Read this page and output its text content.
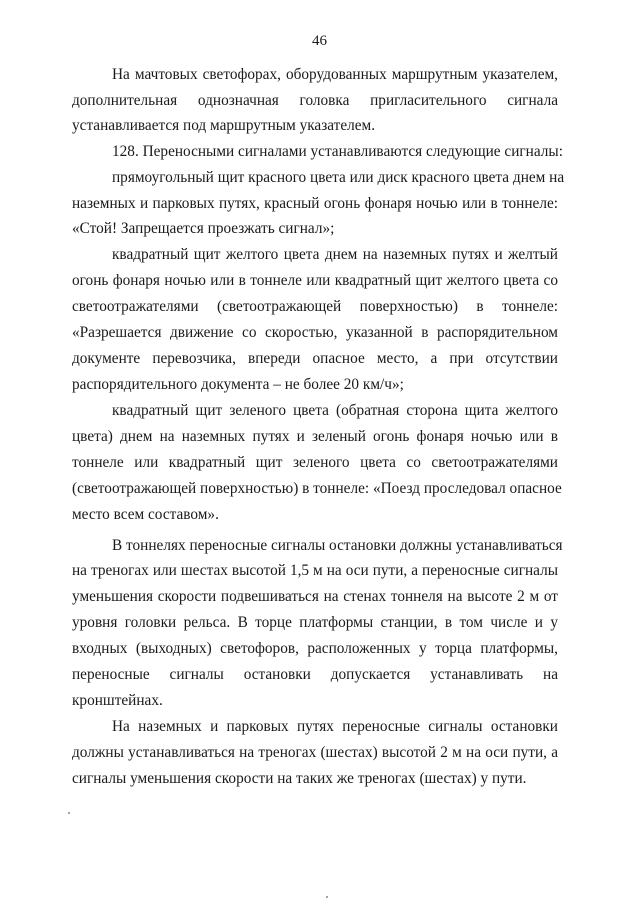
46
На мачтовых светофорах, оборудованных маршрутным указателем,
дополнительная однозначная головка пригласительного сигнала
устанавливается под маршрутным указателем.
128. Переносными сигналами устанавливаются следующие сигналы:
прямоугольный щит красного цвета или диск красного цвета днем на
наземных и парковых путях, красный огонь фонаря ночью или в тоннеле:
«Стой! Запрещается проезжать сигнал»;
квадратный щит желтого цвета днем на наземных путях и желтый
огонь фонаря ночью или в тоннеле или квадратный щит желтого цвета со
светоотражателями (светоотражающей поверхностью) в тоннеле:
«Разрешается движение со скоростью, указанной в распорядительном
документе перевозчика, впереди опасное место, а при отсутствии
распорядительного документа – не более 20 км/ч»;
квадратный щит зеленого цвета (обратная сторона щита желтого
цвета) днем на наземных путях и зеленый огонь фонаря ночью или в
тоннеле или квадратный щит зеленого цвета со светоотражателями
(светоотражающей поверхностью) в тоннеле: «Поезд проследовал опасное
место всем составом».
В тоннелях переносные сигналы остановки должны устанавливаться
на треногах или шестах высотой 1,5 м на оси пути, а переносные сигналы
уменьшения скорости подвешиваться на стенах тоннеля на высоте 2 м от
уровня головки рельса. В торце платформы станции, в том числе и у
входных (выходных) светофоров, расположенных у торца платформы,
переносные сигналы остановки допускается устанавливать на
кронштейнах.
На наземных и парковых путях переносные сигналы остановки
должны устанавливаться на треногах (шестах) высотой 2 м на оси пути, а
сигналы уменьшения скорости на таких же треногах (шестах) у пути.
